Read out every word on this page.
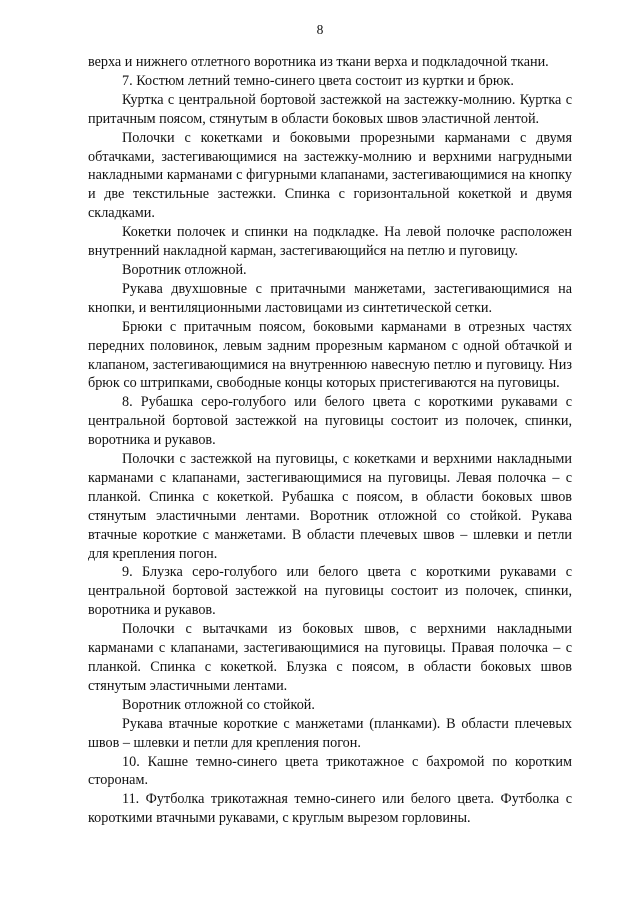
8

верха и нижнего отлетного воротника из ткани верха и подкладочной ткани.

7. Костюм летний темно-синего цвета состоит из куртки и брюк.

Куртка с центральной бортовой застежкой на застежку-молнию. Куртка с притачным поясом, стянутым в области боковых швов эластичной лентой.

Полочки с кокетками и боковыми прорезными карманами с двумя обтачками, застегивающимися на застежку-молнию и верхними нагрудными накладными карманами с фигурными клапанами, застегивающимися на кнопку и две текстильные застежки. Спинка с горизонтальной кокеткой и двумя складками.

Кокетки полочек и спинки на подкладке. На левой полочке расположен внутренний накладной карман, застегивающийся на петлю и пуговицу.

Воротник отложной.

Рукава двухшовные с притачными манжетами, застегивающимися на кнопки, и вентиляционными ластовицами из синтетической сетки.

Брюки с притачным поясом, боковыми карманами в отрезных частях передних половинок, левым задним прорезным карманом с одной обтачкой и клапаном, застегивающимися на внутреннюю навесную петлю и пуговицу. Низ брюк со штрипками, свободные концы которых пристегиваются на пуговицы.

8. Рубашка серо-голубого или белого цвета с короткими рукавами с центральной бортовой застежкой на пуговицы состоит из полочек, спинки, воротника и рукавов.

Полочки с застежкой на пуговицы, с кокетками и верхними накладными карманами с клапанами, застегивающимися на пуговицы. Левая полочка – с планкой. Спинка с кокеткой. Рубашка с поясом, в области боковых швов стянутым эластичными лентами. Воротник отложной со стойкой. Рукава втачные короткие с манжетами. В области плечевых швов – шлевки и петли для крепления погон.

9. Блузка серо-голубого или белого цвета с короткими рукавами с центральной бортовой застежкой на пуговицы состоит из полочек, спинки, воротника и рукавов.

Полочки с вытачками из боковых швов, с верхними накладными карманами с клапанами, застегивающимися на пуговицы. Правая полочка – с планкой. Спинка с кокеткой. Блузка с поясом, в области боковых швов стянутым эластичными лентами.

Воротник отложной со стойкой.

Рукава втачные короткие с манжетами (планками). В области плечевых швов – шлевки и петли для крепления погон.

10. Кашне темно-синего цвета трикотажное с бахромой по коротким сторонам.

11. Футболка трикотажная темно-синего или белого цвета. Футболка с короткими втачными рукавами, с круглым вырезом горловины.
